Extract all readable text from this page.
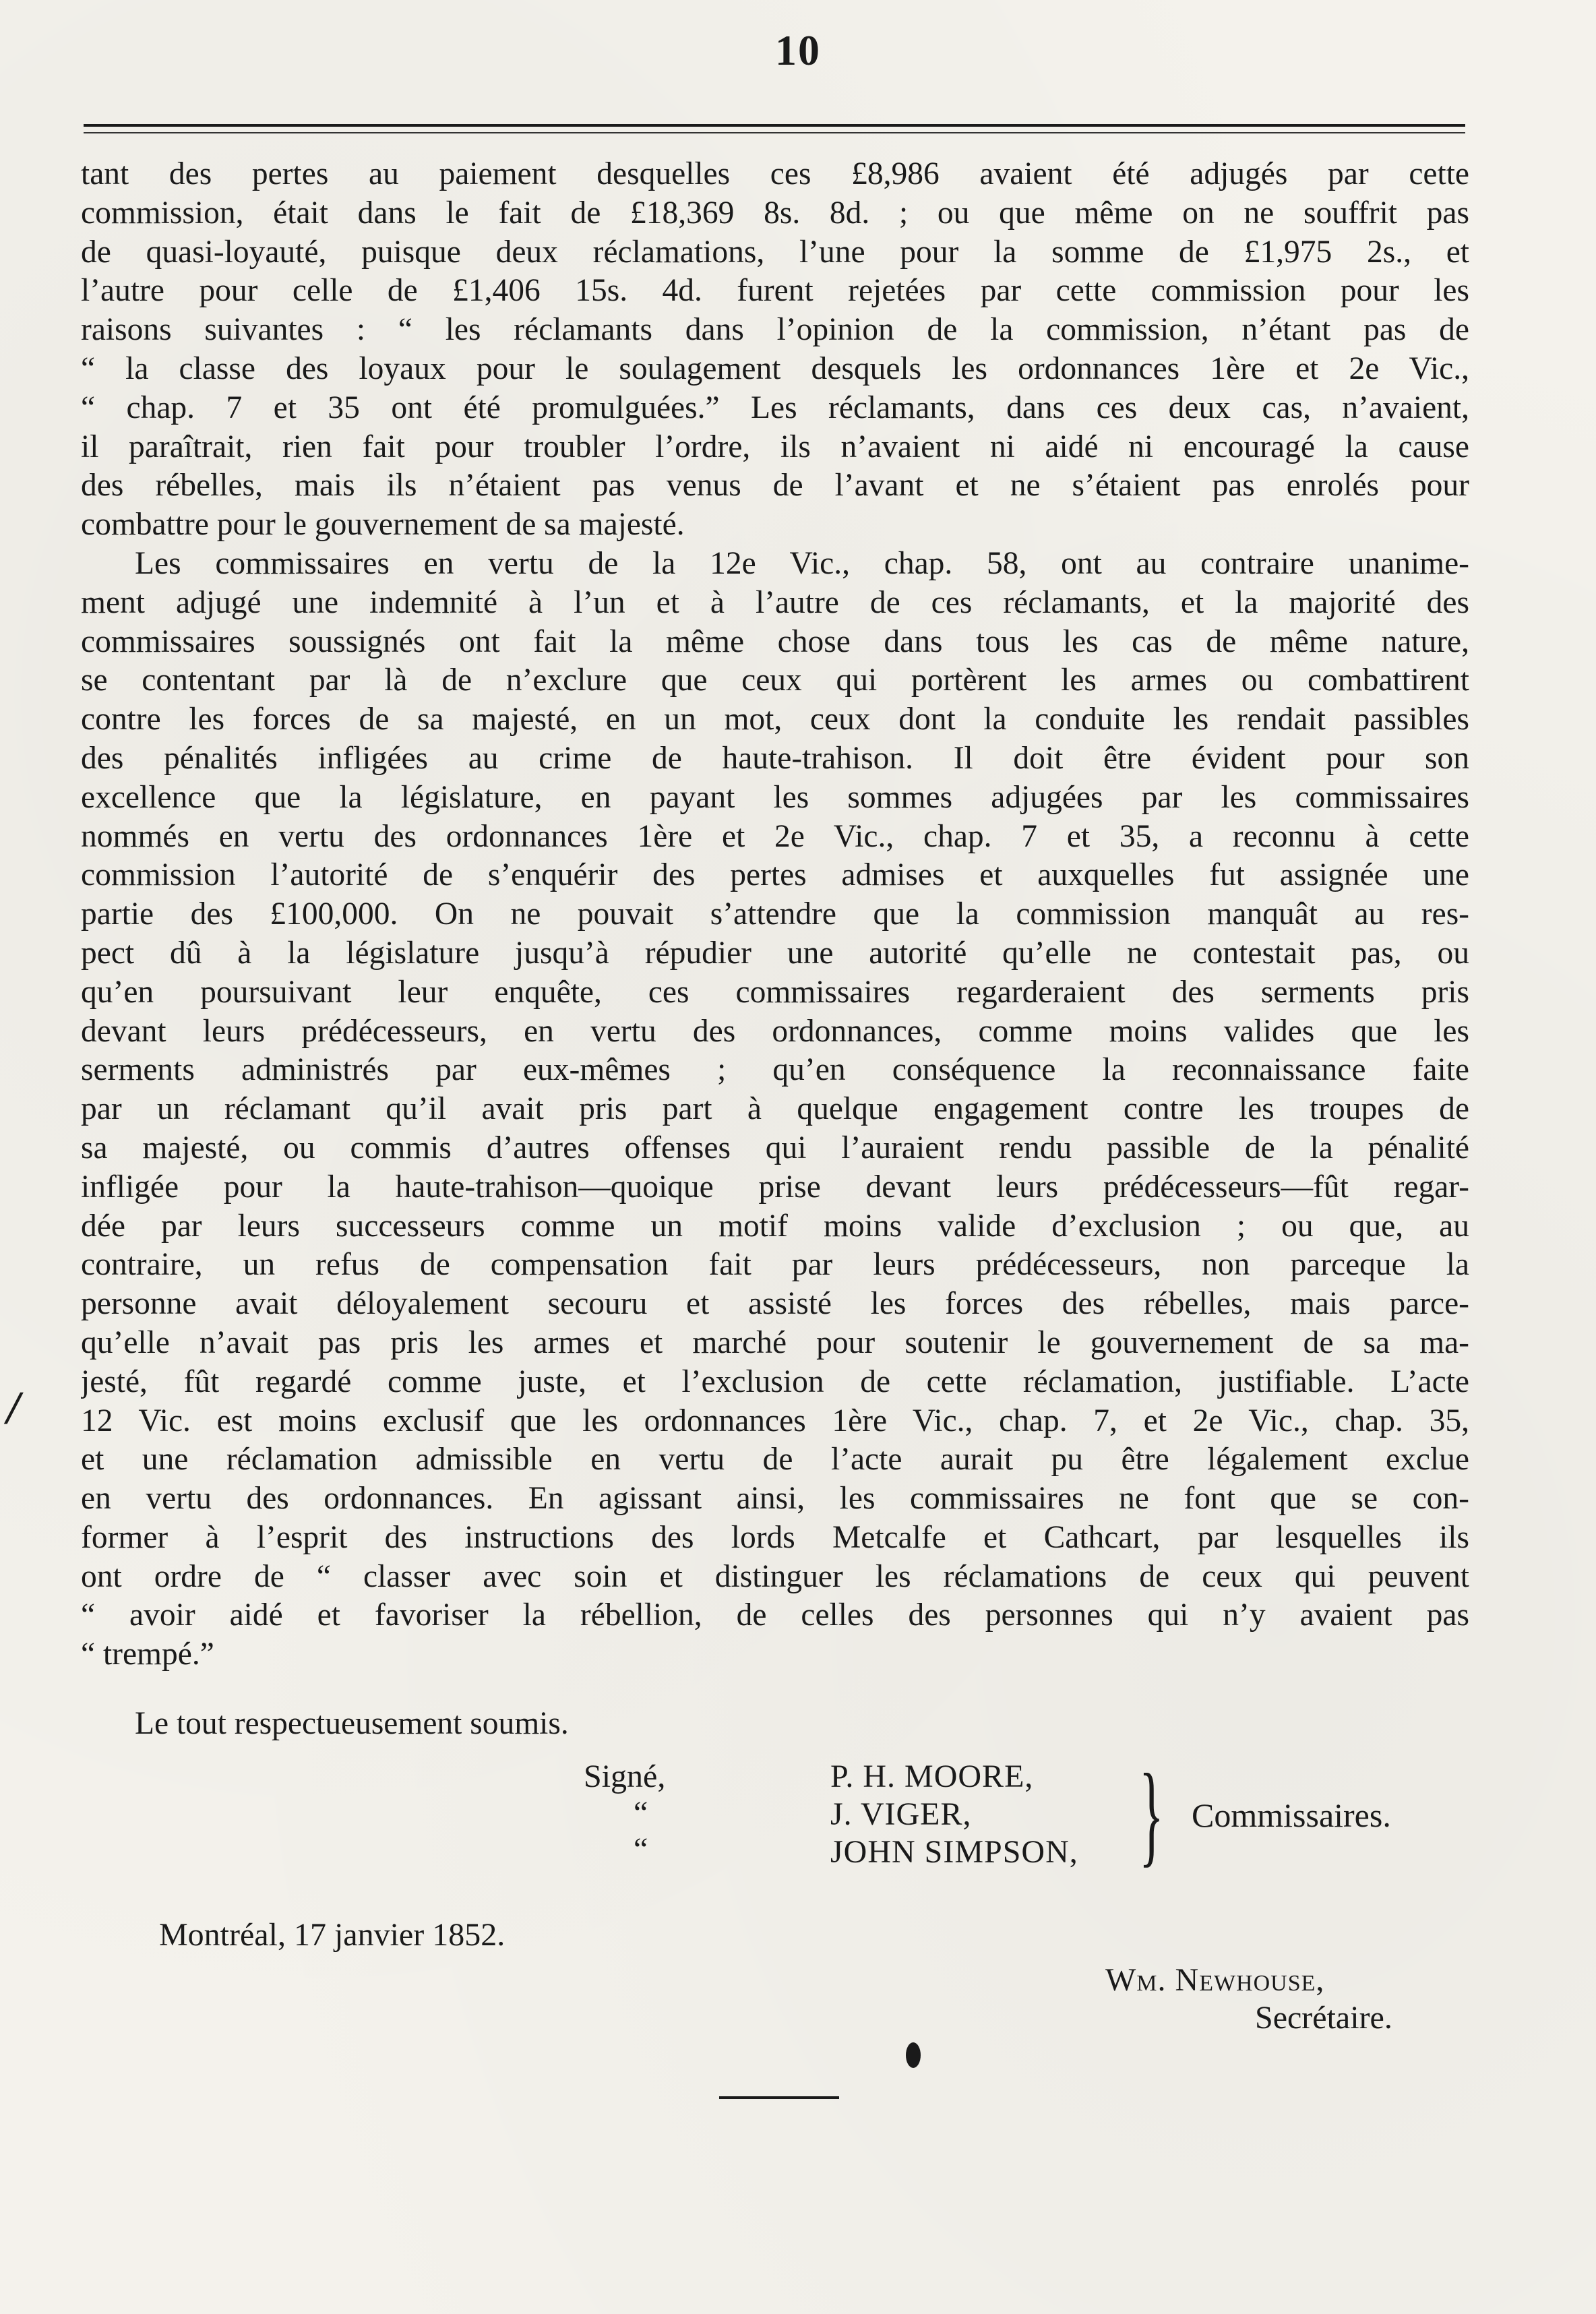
10
/
tant des pertes au paiement desquelles ces £8,986 avaient été adjugés par cette
commission, était dans le fait de £18,369 8s. 8d. ; ou que même on ne souffrit pas
de quasi-loyauté, puisque deux réclamations, l’une pour la somme de £1,975 2s., et
l’autre pour celle de £1,406 15s. 4d. furent rejetées par cette commission pour les
raisons suivantes : “ les réclamants dans l’opinion de la commission, n’étant pas de
“ la classe des loyaux pour le soulagement desquels les ordonnances 1ère et 2e Vic.,
“ chap. 7 et 35 ont été promulguées.” Les réclamants, dans ces deux cas, n’avaient,
il paraîtrait, rien fait pour troubler l’ordre, ils n’avaient ni aidé ni encouragé la cause
des rébelles, mais ils n’étaient pas venus de l’avant et ne s’étaient pas enrolés pour
combattre pour le gouvernement de sa majesté.
Les commissaires en vertu de la 12e Vic., chap. 58, ont au contraire unanime-
ment adjugé une indemnité à l’un et à l’autre de ces réclamants, et la majorité des
commissaires soussignés ont fait la même chose dans tous les cas de même nature,
se contentant par là de n’exclure que ceux qui portèrent les armes ou combattirent
contre les forces de sa majesté, en un mot, ceux dont la conduite les rendait passibles
des pénalités infligées au crime de haute-trahison. Il doit être évident pour son
excellence que la législature, en payant les sommes adjugées par les commissaires
nommés en vertu des ordonnances 1ère et 2e Vic., chap. 7 et 35, a reconnu à cette
commission l’autorité de s’enquérir des pertes admises et auxquelles fut assignée une
partie des £100,000. On ne pouvait s’attendre que la commission manquât au res-
pect dû à la législature jusqu’à répudier une autorité qu’elle ne contestait pas, ou
qu’en poursuivant leur enquête, ces commissaires regarderaient des serments pris
devant leurs prédécesseurs, en vertu des ordonnances, comme moins valides que les
serments administrés par eux-mêmes ; qu’en conséquence la reconnaissance faite
par un réclamant qu’il avait pris part à quelque engagement contre les troupes de
sa majesté, ou commis d’autres offenses qui l’auraient rendu passible de la pénalité
infligée pour la haute-trahison—quoique prise devant leurs prédécesseurs—fût regar-
dée par leurs successeurs comme un motif moins valide d’exclusion ; ou que, au
contraire, un refus de compensation fait par leurs prédécesseurs, non parceque la
personne avait déloyalement secouru et assisté les forces des rébelles, mais parce-
qu’elle n’avait pas pris les armes et marché pour soutenir le gouvernement de sa ma-
jesté, fût regardé comme juste, et l’exclusion de cette réclamation, justifiable. L’acte
12 Vic. est moins exclusif que les ordonnances 1ère Vic., chap. 7, et 2e Vic., chap. 35,
et une réclamation admissible en vertu de l’acte aurait pu être légalement exclue
en vertu des ordonnances. En agissant ainsi, les commissaires ne font que se con-
former à l’esprit des instructions des lords Metcalfe et Cathcart, par lesquelles ils
ont ordre de “ classer avec soin et distinguer les réclamations de ceux qui peuvent
“ avoir aidé et favoriser la rébellion, de celles des personnes qui n’y avaient pas
“ trempé.”
Le tout respectueusement soumis.
Signé,
“
“
P. H. MOORE,
J. VIGER,
JOHN SIMPSON, } Commissaires.
Montréal, 17 janvier 1852.
Wm. Newhouse,
Secrétaire.
